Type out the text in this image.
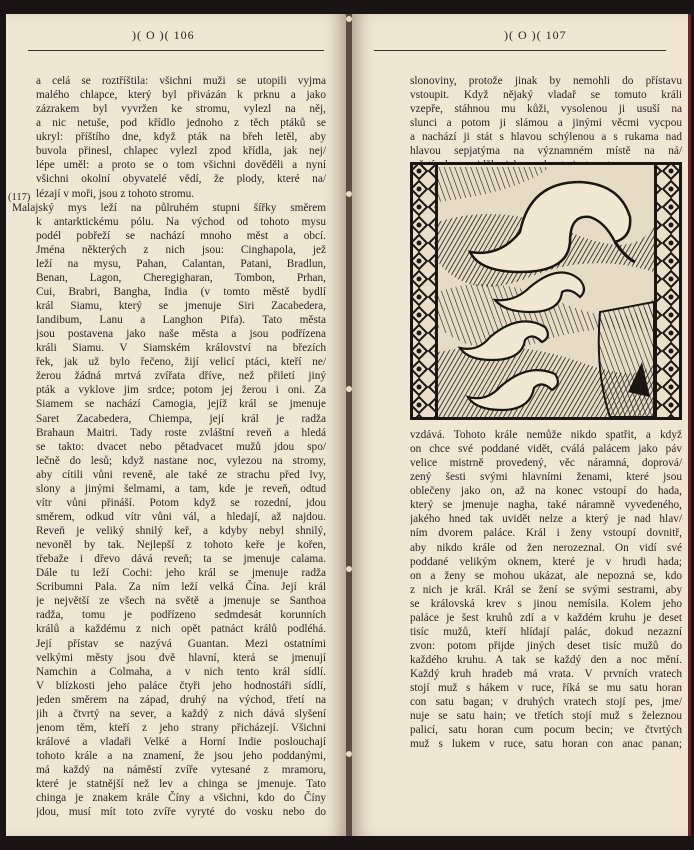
)( O )( 106
(117)
a celá se roztříštila: všichni muži se utopili vyjma
malého chlapce, který byl přivázán k prknu a jako
zázrakem byl vyvržen ke stromu, vylezl na něj,
a nic netuše, pod křídlo jednoho z těch ptáků se
ukryl: příštího dne, když pták na břeh letěl, aby
buvola přinesl, chlapec vylezl zpod křídla, jak nej/
lépe uměl: a proto se o tom všichni dověděli a nyní
všichni okolní obyvatelé vědí, že plody, které na/
lézají v moři, jsou z tohoto stromu.
Malajský mys leží na půlruhém stupni šířky směrem
k antarktickému pólu. Na východ od tohoto mysu
podél pobřeží se nachází mnoho měst a obcí.
Jména některých z nich jsou: Cinghapola, jež
leží na mysu, Pahan, Calantan, Patani, Bradlun,
Benan, Lagon, Cheregigharan, Tombon, Prhan,
Cui, Brabri, Bangha, India (v tomto městě bydlí
král Siamu, který se jmenuje Siri Zacabedera,
Iandibum, Lanu a Langhon Pifa). Tato města
jsou postavena jako naše města a jsou podřízena
králi Siamu. V Siamském království na březích
řek, jak už bylo řečeno, žijí velicí ptáci, kteří ne/
žerou žádná mrtvá zvířata dříve, než přiletí jiný
pták a vyklove jim srdce; potom jej žerou i oni. Za
Siamem se nachází Camogia, jejíž král se jmenuje
Saret Zacabedera, Chiempa, její král je radža
Brahaun Maitri. Tady roste zvláštní reveň a hledá
se takto: dvacet nebo pětadvacet mužů jdou spo/
lečně do lesů; když nastane noc, vylezou na stromy,
aby cítili vůni reveně, ale také ze strachu před lvy,
slony a jinými šelmami, a tam, kde je reveň, odtud
vítr vůni přináší. Potom když se rozední, jdou
směrem, odkud vítr vůni vál, a hledají, až najdou.
Reveň je veliký shnilý keř, a kdyby nebyl shnilý,
nevoněl by tak. Nejlepší z tohoto keře je kořen,
třebaže i dřevo dává reveň; ta se jmenuje calama.
Dále tu leží Cochi: jeho král se jmenuje radža
Scribumni Pala. Za ním leží velká Čína. Její král
je největší ze všech na světě a jmenuje se Santhoa
radža, tomu je podřízeno sedmdesát korunních
králů a každému z nich opět patnáct králů podléhá.
Její přístav se nazývá Guantan. Mezi ostatními
velkými městy jsou dvě hlavní, která se jmenují
Namchin a Colmaha, a v nich tento král sídlí.
V blízkosti jeho paláce čtyři jeho hodnostáři sídlí,
jeden směrem na západ, druhý na východ, třetí na
jih a čtvrtý na sever, a každý z nich dává slyšení
jenom těm, kteří z jeho strany přicházejí. Všichni
králové a vladaři Velké a Horní Indie poslouchají
tohoto krále a na znamení, že jsou jeho poddanými,
má každý na náměstí zvíře vytesané z mramoru,
které je statnější než lev a chinga se jmenuje. Tato
chinga je znakem krále Číny a všichni, kdo do Číny
jdou, musí mít toto zvíře vyryté do vosku nebo do
)( O )( 107
slonoviny, protože jinak by nemohli do přístavu
vstoupit. Když nějaký vladař se tomuto králi
vzepře, stáhnou mu kůži, vysolenou ji usuší na
slunci a potom ji slámou a jinými věcmi vycpou
a nachází ji stát s hlavou schýlenou a s rukama nad
hlavou sepjatýma na významném místě na ná/
vzdává. Tohoto krále nemůže nikdo spatřit, a když
on chce své poddané vidět, cválá palácem jako páv
velice mistrně provedený, věc náramná, doprová/
zený šesti svými hlavními ženami, které jsou
oblečeny jako on, až na konec vstoupí do hada,
který se jmenuje nagha, také náramně vyvedeného,
jakého hned tak uvidět nelze a který je nad hlav/
ním dvorem paláce. Král i ženy vstoupí dovnitř,
aby nikdo krále od žen nerozeznal. On vidí své
poddané velikým oknem, které je v hrudi hada;
on a ženy se mohou ukázat, ale nepozná se, kdo
z nich je král. Král se žení se svými sestrami, aby
se královská krev s jinou nemísila. Kolem jeho
paláce je šest kruhů zdí a v každém kruhu je deset
tisíc mužů, kteří hlídají palác, dokud nezazní
zvon: potom přijde jiných deset tisíc mužů do
každého kruhu. A tak se každý den a noc mění.
Každý kruh hradeb má vrata. V prvních vratech
stojí muž s hákem v ruce, říká se mu satu horan
con satu bagan; v druhých vratech stojí pes, jme/
nuje se satu hain; ve třetích stojí muž s železnou
palicí, satu horan cum pocum becin; ve čtvrtých
muž s lukem v ruce, satu horan con anac panan;
